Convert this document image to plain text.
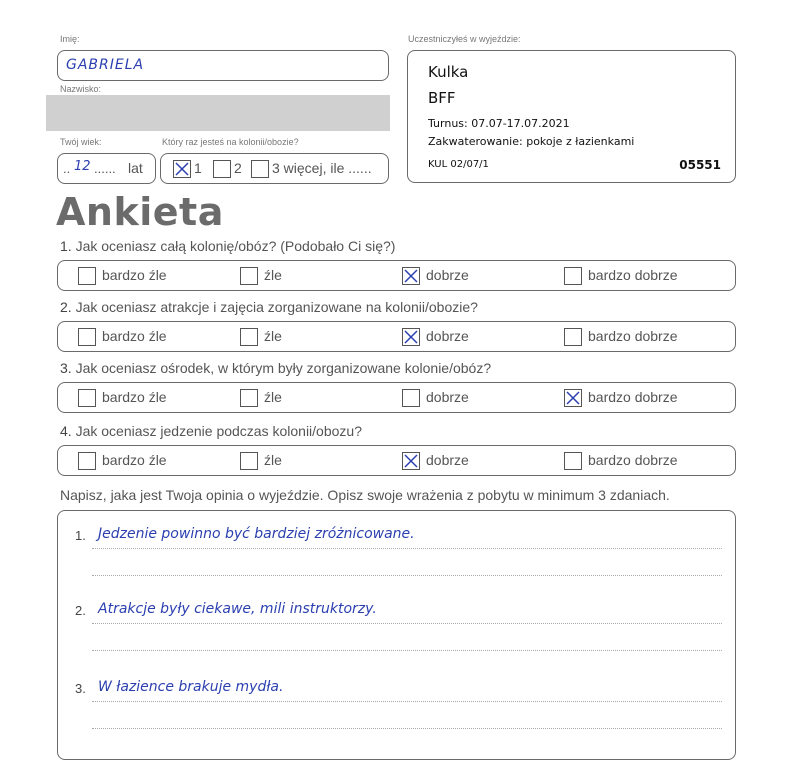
Imię:
GABRIELA
Nazwisko:
Twój wiek:
.. 12 ...... lat
Który raz jesteś na kolonii/obozie?
1 2 3 więcej, ile ......
Uczestniczyłeś w wyjeździe:
Kulka
BFF
Turnus: 07.07-17.07.2021
Zakwaterowanie: pokoje z łazienkami
KUL 02/07/1	05551
Ankieta
1. Jak oceniasz całą kolonię/obóz? (Podobało Ci się?)
bardzo źle	źle	dobrze	bardzo dobrze
2. Jak oceniasz atrakcje i zajęcia zorganizowane na kolonii/obozie?
bardzo źle	źle	dobrze	bardzo dobrze
3. Jak oceniasz ośrodek, w którym były zorganizowane kolonie/obóz?
bardzo źle	źle	dobrze	bardzo dobrze
4. Jak oceniasz jedzenie podczas kolonii/obozu?
bardzo źle	źle	dobrze	bardzo dobrze
Napisz, jaka jest Twoja opinia o wyjeździe. Opisz swoje wrażenia z pobytu w minimum 3 zdaniach.
1. Jedzenie powinno być bardziej zróżnicowane.
2. Atrakcje były ciekawe, mili instruktorzy.
3. W łazience brakuje mydła.
